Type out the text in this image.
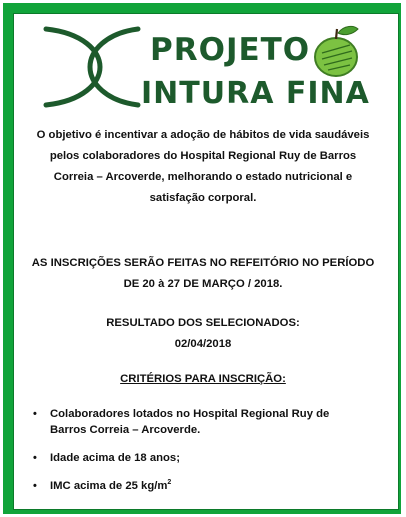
PROJETO
INTURA FINA

O objetivo é incentivar a adoção de hábitos de vida saudáveis pelos colaboradores do Hospital Regional Ruy de Barros Correia – Arcoverde, melhorando o estado nutricional e satisfação corporal.

AS INSCRIÇÕES SERÃO FEITAS NO REFEITÓRIO NO PERÍODO DE 20 à 27 DE MARÇO / 2018.

RESULTADO DOS SELECIONADOS:
02/04/2018

CRITÉRIOS PARA INSCRIÇÃO:

• Colaboradores lotados no Hospital Regional Ruy de Barros Correia – Arcoverde.
• Idade acima de 18 anos;
• IMC acima de 25 $kg/m^2$
